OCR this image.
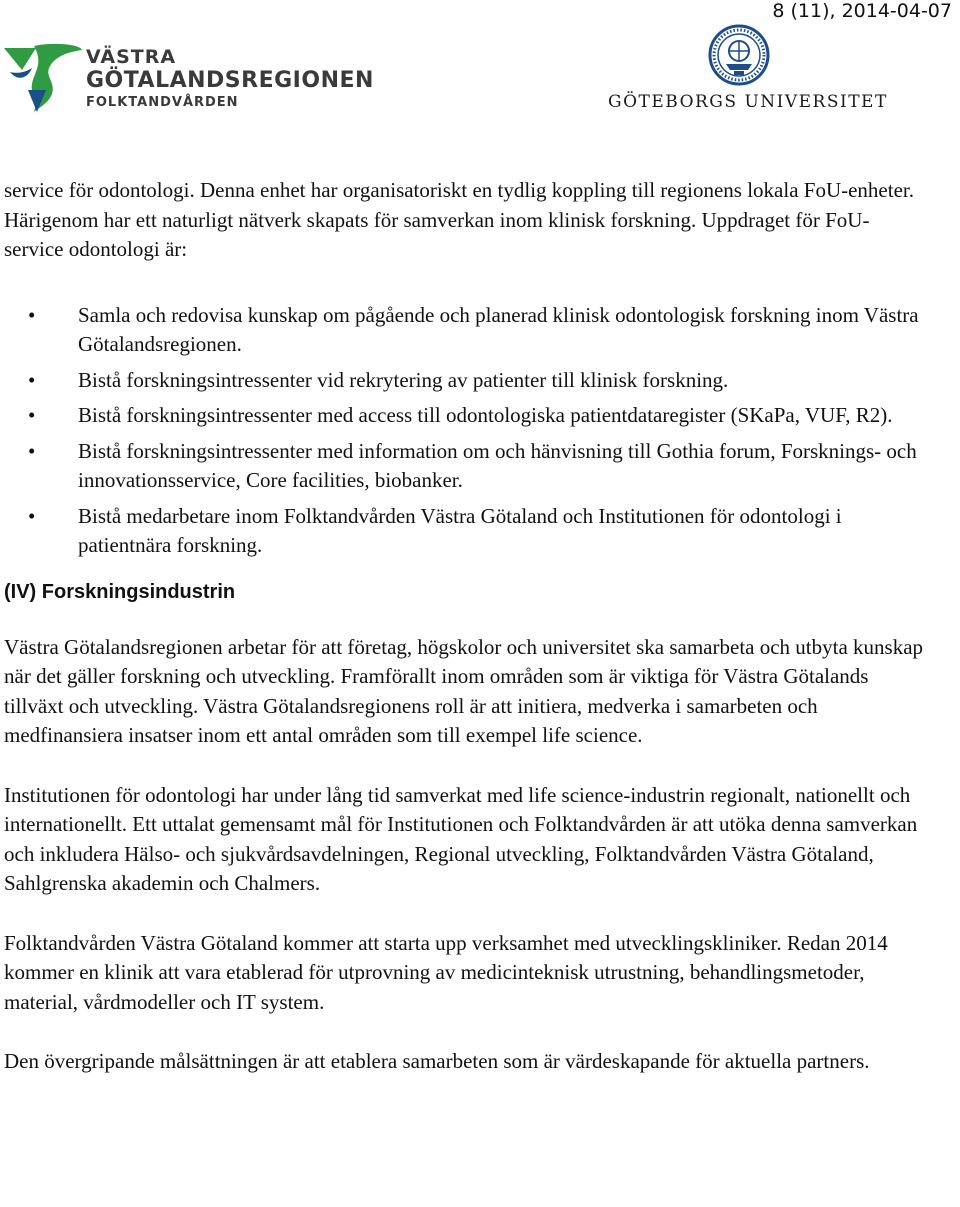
8 (11), 2014-04-07
VÄSTRA
GÖTALANDSREGIONEN
FOLKTANDVÅRDEN	GÖTEBORGS UNIVERSITET

service för odontologi. Denna enhet har organisatoriskt en tydlig koppling till regionens lokala FoU-enheter. Härigenom har ett naturligt nätverk skapats för samverkan inom klinisk forskning. Uppdraget för FoU-service odontologi är:

• Samla och redovisa kunskap om pågående och planerad klinisk odontologisk forskning inom Västra Götalandsregionen.
• Bistå forskningsintressenter vid rekrytering av patienter till klinisk forskning.
• Bistå forskningsintressenter med access till odontologiska patientdataregister (SKaPa, VUF, R2).
• Bistå forskningsintressenter med information om och hänvisning till Gothia forum, Forsknings- och innovationsservice, Core facilities, biobanker.
• Bistå medarbetare inom Folktandvården Västra Götaland och Institutionen för odontologi i patientnära forskning.
(IV) Forskningsindustrin

Västra Götalandsregionen arbetar för att företag, högskolor och universitet ska samarbeta och utbyta kunskap när det gäller forskning och utveckling. Framförallt inom områden som är viktiga för Västra Götalands tillväxt och utveckling. Västra Götalandsregionens roll är att initiera, medverka i samarbeten och medfinansiera insatser inom ett antal områden som till exempel life science.

Institutionen för odontologi har under lång tid samverkat med life science-industrin regionalt, nationellt och internationellt. Ett uttalat gemensamt mål för Institutionen och Folktandvården är att utöka denna samverkan och inkludera Hälso- och sjukvårdsavdelningen, Regional utveckling, Folktandvården Västra Götaland, Sahlgrenska akademin och Chalmers.

Folktandvården Västra Götaland kommer att starta upp verksamhet med utvecklingskliniker. Redan 2014 kommer en klinik att vara etablerad för utprovning av medicinteknisk utrustning, behandlingsmetoder, material, vårdmodeller och IT system.

Den övergripande målsättningen är att etablera samarbeten som är värdeskapande för aktuella partners.
